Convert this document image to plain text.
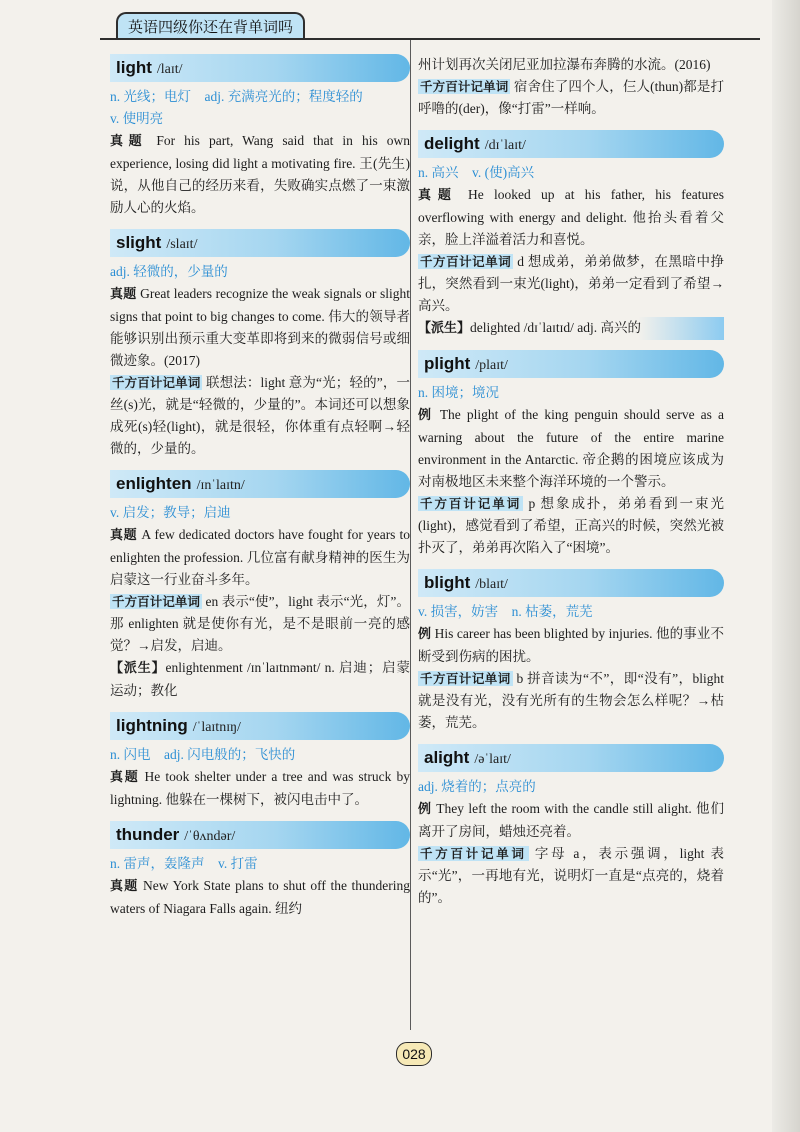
英语四级你还在背单词吗
light /laɪt/
n. 光线；电灯　adj. 充满亮光的；程度轻的
v. 使明亮
真题 For his part, Wang said that in his own experience, losing did light a motivating fire. 王(先生)说，从他自己的经历来看，失败确实点燃了一束激励人心的火焰。
slight /slaɪt/
adj. 轻微的，少量的
真题 Great leaders recognize the weak signals or slight signs that point to big changes to come. 伟大的领导者能够识别出预示重大变革即将到来的微弱信号或细微迹象。(2017)
千方百计记单词 联想法：light 意为“光；轻的”，一丝(s)光，就是“轻微的，少量的”。本词还可以想象成死(s)轻(light)，就是很轻，你体重有点轻啊→轻微的，少量的。
enlighten /ɪnˈlaɪtn/
v. 启发；教导；启迪
真题 A few dedicated doctors have fought for years to enlighten the profession. 几位富有献身精神的医生为启蒙这一行业奋斗多年。
千方百计记单词 en 表示“使”，light 表示“光，灯”。那 enlighten 就是使你有光，是不是眼前一亮的感觉？→启发，启迪。
【派生】enlightenment /ɪnˈlaɪtnmənt/ n. 启迪；启蒙运动；教化
lightning /ˈlaɪtnɪŋ/
n. 闪电　adj. 闪电般的；飞快的
真题 He took shelter under a tree and was struck by lightning. 他躲在一棵树下，被闪电击中了。
thunder /ˈθʌndər/
n. 雷声，轰隆声　v. 打雷
真题 New York State plans to shut off the thundering waters of Niagara Falls again. 纽约
州计划再次关闭尼亚加拉瀑布奔腾的水流。(2016)
千方百计记单词 宿舍住了四个人，仨人(thun)都是打呼噜的(der)，像“打雷”一样响。
delight /dɪˈlaɪt/
n. 高兴　v. (使)高兴
真题 He looked up at his father, his features overflowing with energy and delight. 他抬头看着父亲，脸上洋溢着活力和喜悦。
千方百计记单词 d 想成弟，弟弟做梦，在黑暗中挣扎，突然看到一束光(light)，弟弟一定看到了希望→高兴。
【派生】delighted /dɪˈlaɪtɪd/ adj. 高兴的
plight /plaɪt/
n. 困境；境况
例 The plight of the king penguin should serve as a warning about the future of the entire marine environment in the Antarctic. 帝企鹅的困境应该成为对南极地区未来整个海洋环境的一个警示。
千方百计记单词 p 想象成扑，弟弟看到一束光(light)，感觉看到了希望，正高兴的时候，突然光被扑灭了，弟弟再次陷入了“困境”。
blight /blaɪt/
v. 损害，妨害　n. 枯萎，荒芜
例 His career has been blighted by injuries. 他的事业不断受到伤病的困扰。
千方百计记单词 b 拼音读为“不”，即“没有”，blight 就是没有光，没有光所有的生物会怎么样呢？→枯萎，荒芜。
alight /əˈlaɪt/
adj. 烧着的；点亮的
例 They left the room with the candle still alight. 他们离开了房间，蜡烛还亮着。
千方百计记单词 字母 a，表示强调，light 表示“光”，一再地有光，说明灯一直是“点亮的，烧着的”。
028
